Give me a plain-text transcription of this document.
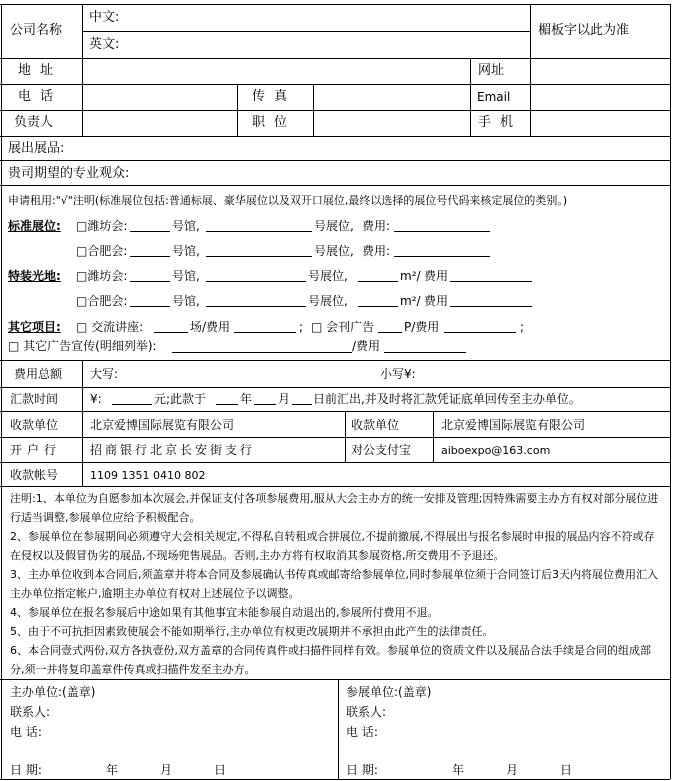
公司名称
中文:
英文:
楣板字以此为准
地址	网址
电话	传真	Email
负责人	职位	手机
展出展品:
贵司期望的专业观众:
申请租用:"√"注明(标准展位包括:普通标展、豪华展位以及双开口展位,最终以选择的展位号代码来核定展位的类别。)
标准展位: □潍坊会:	号馆,	号展位, 费用:
□合肥会:	号馆,	号展位, 费用:
特装光地: □潍坊会:	号馆,	号展位,	m²/ 费用
□合肥会:	号馆,	号展位,	m²/ 费用
其它项目: □ 交流讲座:	场/费用	; □ 会刊广告 P/费用	;
□ 其它广告宣传(明细列举):	/费用
费用总额 大写:	小写¥:
汇款时间	¥:	元;此款于	年 月 日前汇出,并及时将汇款凭证底单回传至主办单位。
收款单位	北京爱博国际展览有限公司	收款单位	北京爱博国际展览有限公司
开户行 招商银行北京长安街支行	对公支付宝	aiboexpo@163.com
收款帐号	1109 1351 0410 802
注明:1、本单位为自愿参加本次展会,并保证支付各项参展费用,服从大会主办方的统一安排及管理;因特殊需要主办方有权对部分展位进行适当调整,参展单位应给予积极配合。
2、参展单位在参展期间必须遵守大会相关规定,不得私自转租或合拼展位,不提前撤展,不得展出与报名参展时申报的展品内容不符或存在侵权以及假冒伪劣的展品,不现场兜售展品。否则,主办方将有权取消其参展资格,所交费用不予退还。
3、主办单位收到本合同后,须盖章并将本合同及参展确认书传真或邮寄给参展单位,同时参展单位须于合同签订后3天内将展位费用汇入主办单位指定帐户,逾期主办单位有权对上述展位予以调整。
4、参展单位在报名参展后中途如果有其他事宜未能参展自动退出的,参展所付费用不退。
5、由于不可抗拒因素致使展会不能如期举行,主办单位有权更改展期并不承担由此产生的法律责任。
6、本合同壹式两份,双方各执壹份,双方盖章的合同传真件或扫描件同样有效。参展单位的资质文件以及展品合法手续是合同的组成部分,须一并将复印盖章件传真或扫描件发至主办方。
主办单位:(盖章)
联系人:
电 话:
日 期:	年	月	日
参展单位:(盖章)
联系人:
电 话:
日 期:	年	月	日
